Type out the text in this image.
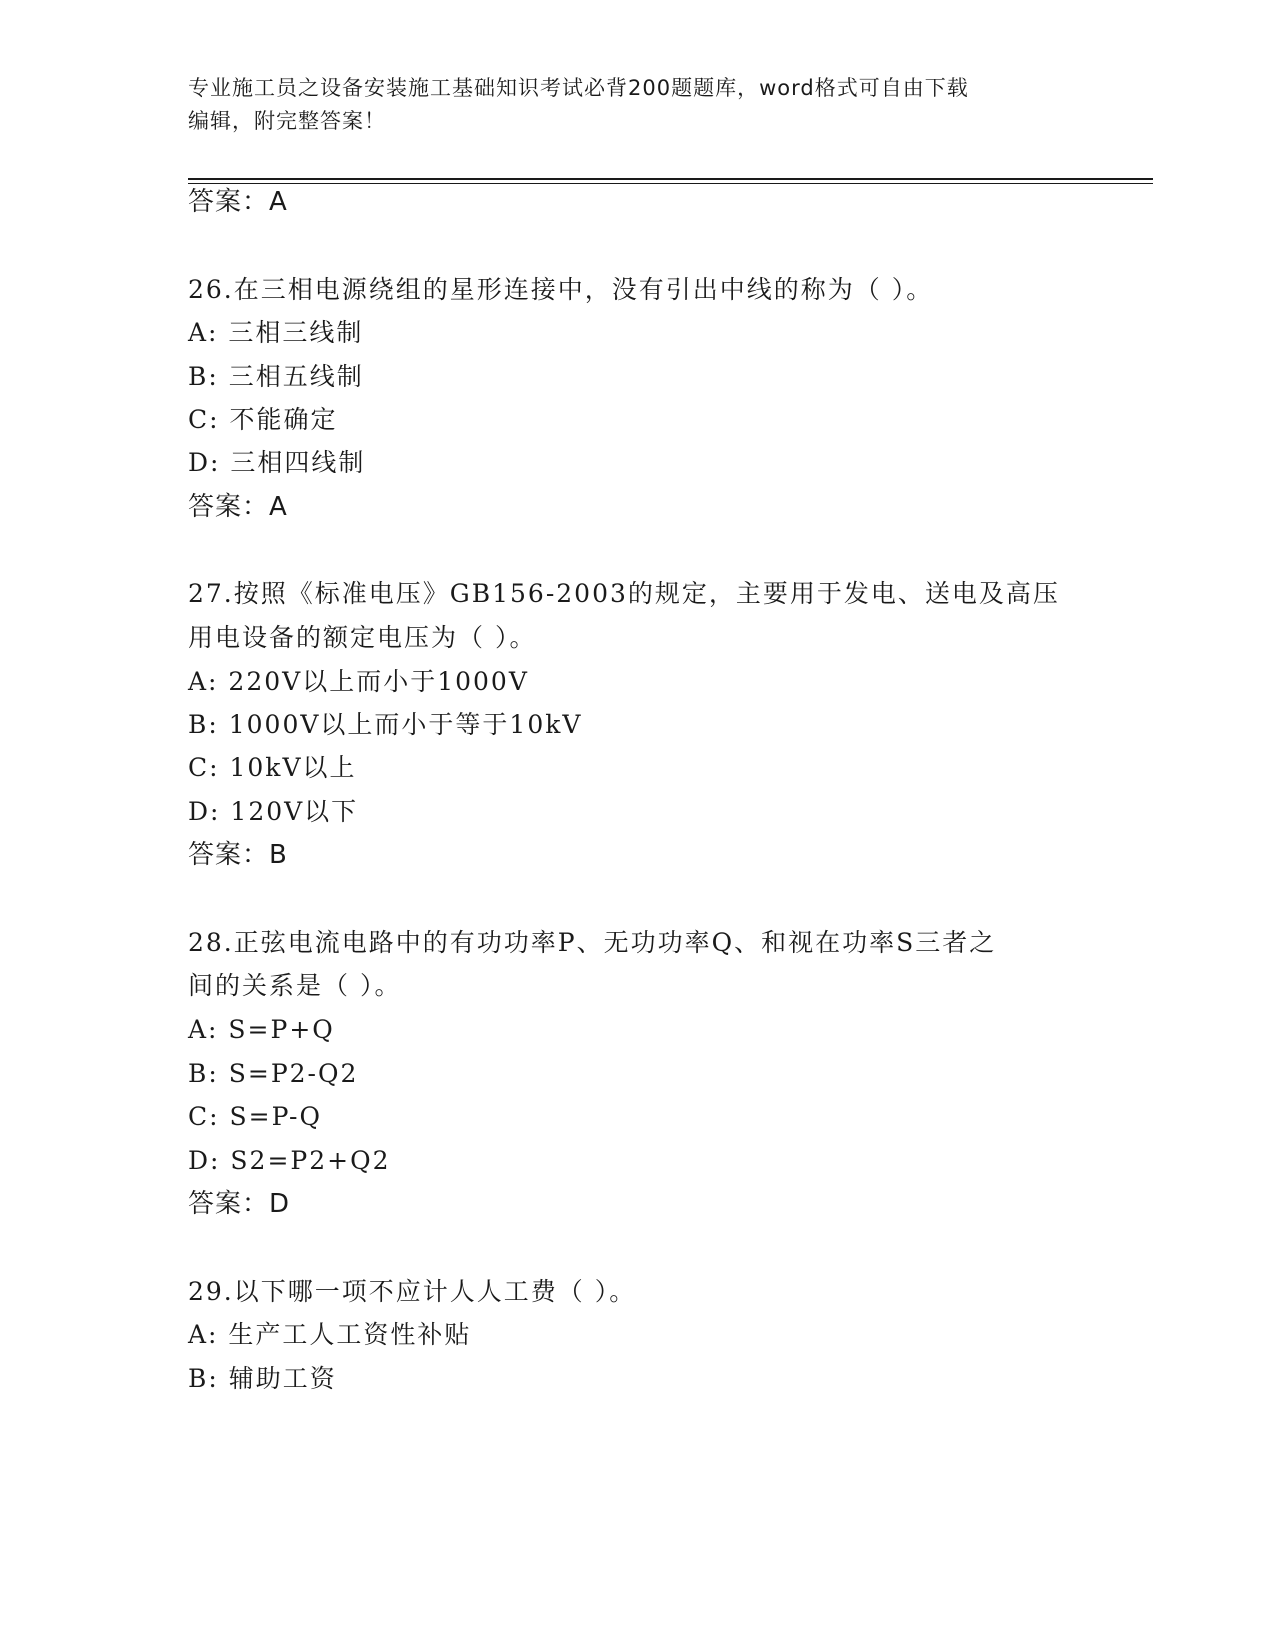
专业施工员之设备安装施工基础知识考试必背200题题库，word格式可自由下载
编辑，附完整答案！
答案：A
26.在三相电源绕组的星形连接中，没有引出中线的称为（ ）。
A: 三相三线制
B: 三相五线制
C: 不能确定
D: 三相四线制
答案：A
27.按照《标准电压》GB156-2003的规定，主要用于发电、送电及高压
用电设备的额定电压为（ ）。
A: 220V以上而小于1000V
B: 1000V以上而小于等于10kV
C: 10kV以上
D: 120V以下
答案：B
28.正弦电流电路中的有功功率P、无功功率Q、和视在功率S三者之
间的关系是（ ）。
A: S=P+Q
B: S=P2-Q2
C: S=P-Q
D: S2=P2+Q2
答案：D
29.以下哪一项不应计人人工费（ ）。
A: 生产工人工资性补贴
B: 辅助工资
